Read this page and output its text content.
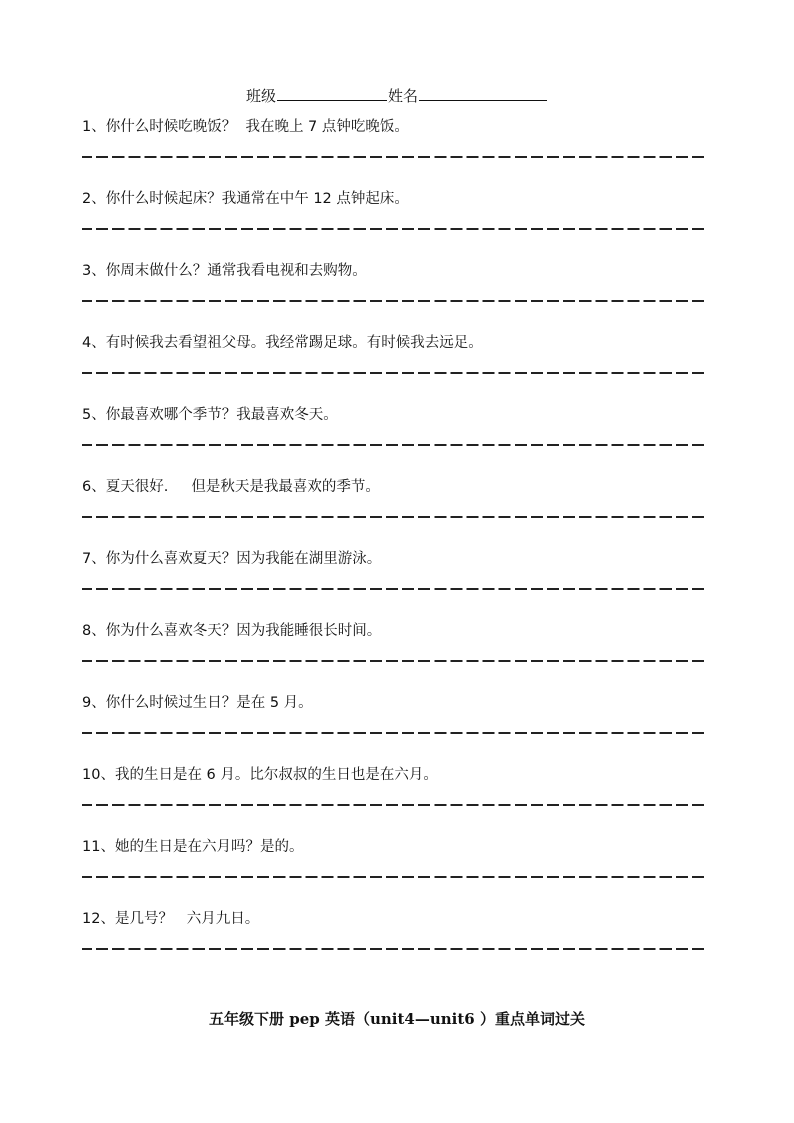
班级	姓名

1、你什么时候吃晚饭？  我在晚上 7 点钟吃晚饭。

2、你什么时候起床？我通常在中午 12 点钟起床。

3、你周末做什么？通常我看电视和去购物。

4、有时候我去看望祖父母。我经常踢足球。有时候我去远足。

5、你最喜欢哪个季节？我最喜欢冬天。

6、夏天很好.     但是秋天是我最喜欢的季节。

7、你为什么喜欢夏天？因为我能在湖里游泳。

8、你为什么喜欢冬天？因为我能睡很长时间。

9、你什么时候过生日？是在 5 月。

10、我的生日是在 6 月。比尔叔叔的生日也是在六月。

11、她的生日是在六月吗？是的。

12、是几号？   六月九日。

五年级下册 pep 英语（unit4—unit6 ）重点单词过关
